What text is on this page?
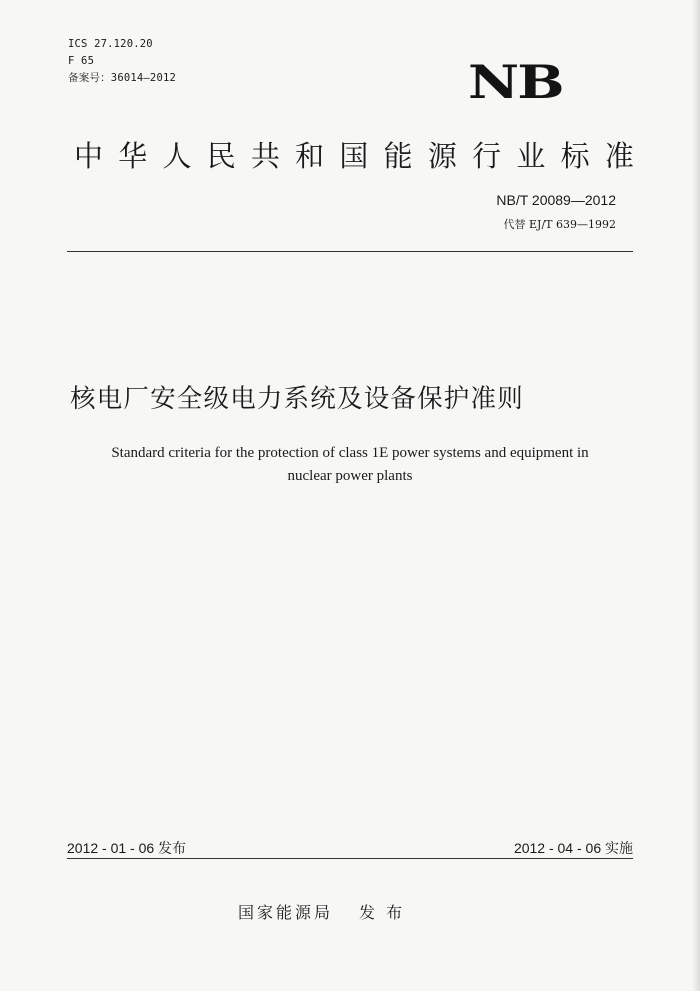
ICS 27.120.20
F 65
备案号：36014—2012	NB
中 华 人 民 共 和 国 能 源 行 业 标 准
NB/T 20089—2012
代替 EJ/T 639—1992
核电厂安全级电力系统及设备保护准则
Standard criteria for the protection of class 1E power systems and equipment in
nuclear power plants
2012 - 01 - 06 发布	2012 - 04 - 06 实施
国家能源局 发 布
